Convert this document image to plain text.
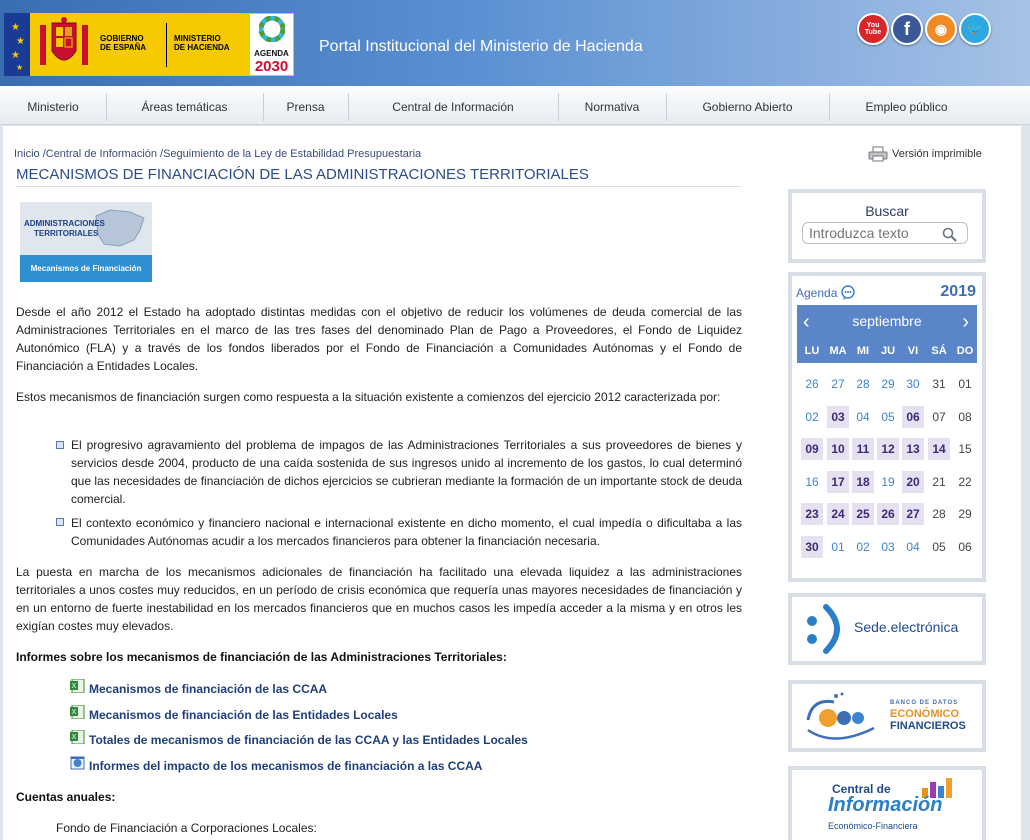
★
★
★
★
GOBIERNO
DE ESPAÑA
MINISTERIO
DE HACIENDA
AGENDA
2030
Portal Institucional del Ministerio de Hacienda
You Tube	f ◉ 🐦
Ministerio	Áreas temáticas	Prensa	Central de Información	Normativa	Gobierno Abierto	Empleo público
Inicio /Central de Información /Seguimiento de la Ley de Estabilidad Presupuestaria	Versión imprimible
MECANISMOS DE FINANCIACIÓN DE LAS ADMINISTRACIONES TERRITORIALES
ADMINISTRACIONES
TERRITORIALES
Mecanismos de Financiación
Desde el año 2012 el Estado ha adoptado distintas medidas con el objetivo de reducir los volúmenes de deuda comercial de las Administraciones Territoriales en el marco de las tres fases del denominado Plan de Pago a Proveedores, el Fondo de Liquidez Autonómico (FLA) y a través de los fondos liberados por el Fondo de Financiación a Comunidades Autónomas y el Fondo de Financiación a Entidades Locales.
Estos mecanismos de financiación surgen como respuesta a la situación existente a comienzos del ejercicio 2012 caracterizada por:
El progresivo agravamiento del problema de impagos de las Administraciones Territoriales a sus proveedores de bienes y servicios desde 2004, producto de una caída sostenida de sus ingresos unido al incremento de los gastos, lo cual determinó que las necesidades de financiación de dichos ejercicios se cubrieran mediante la formación de un importante stock de deuda comercial.
El contexto económico y financiero nacional e internacional existente en dicho momento, el cual impedía o dificultaba a las Comunidades Autónomas acudir a los mercados financieros para obtener la financiación necesaria.
La puesta en marcha de los mecanismos adicionales de financiación ha facilitado una elevada liquidez a las administraciones territoriales a unos costes muy reducidos, en un período de crisis económica que requería unas mayores necesidades de financiación y en un entorno de fuerte inestabilidad en los mercados financieros que en muchos casos les impedía acceder a la misma y en otros les exigían costes muy elevados.
Informes sobre los mecanismos de financiación de las Administraciones Territoriales:
X Mecanismos de financiación de las CCAA
X Mecanismos de financiación de las Entidades Locales
X Totales de mecanismos de financiación de las CCAA y las Entidades Locales
Informes del impacto de los mecanismos de financiación a las CCAA
Cuentas anuales:
Fondo de Financiación a Corporaciones Locales:
Buscar
Introduzca texto
Agenda	2019
‹	septiembre	›
LU MA MI	JU	VI	SÁ DO
26	27 28 29 30	31	01
02	03 04 05 06	07	08
09	10 11 12 13	14	15
16	17 18 19 20	21	22
23	24 25 26 27	28	29
30	01 02 03 04	05	06
Sede.electrónica
BANCO DE DATOS
ECONÓMICO
FINANCIEROS
Central de
Información
Económico-Financiera
